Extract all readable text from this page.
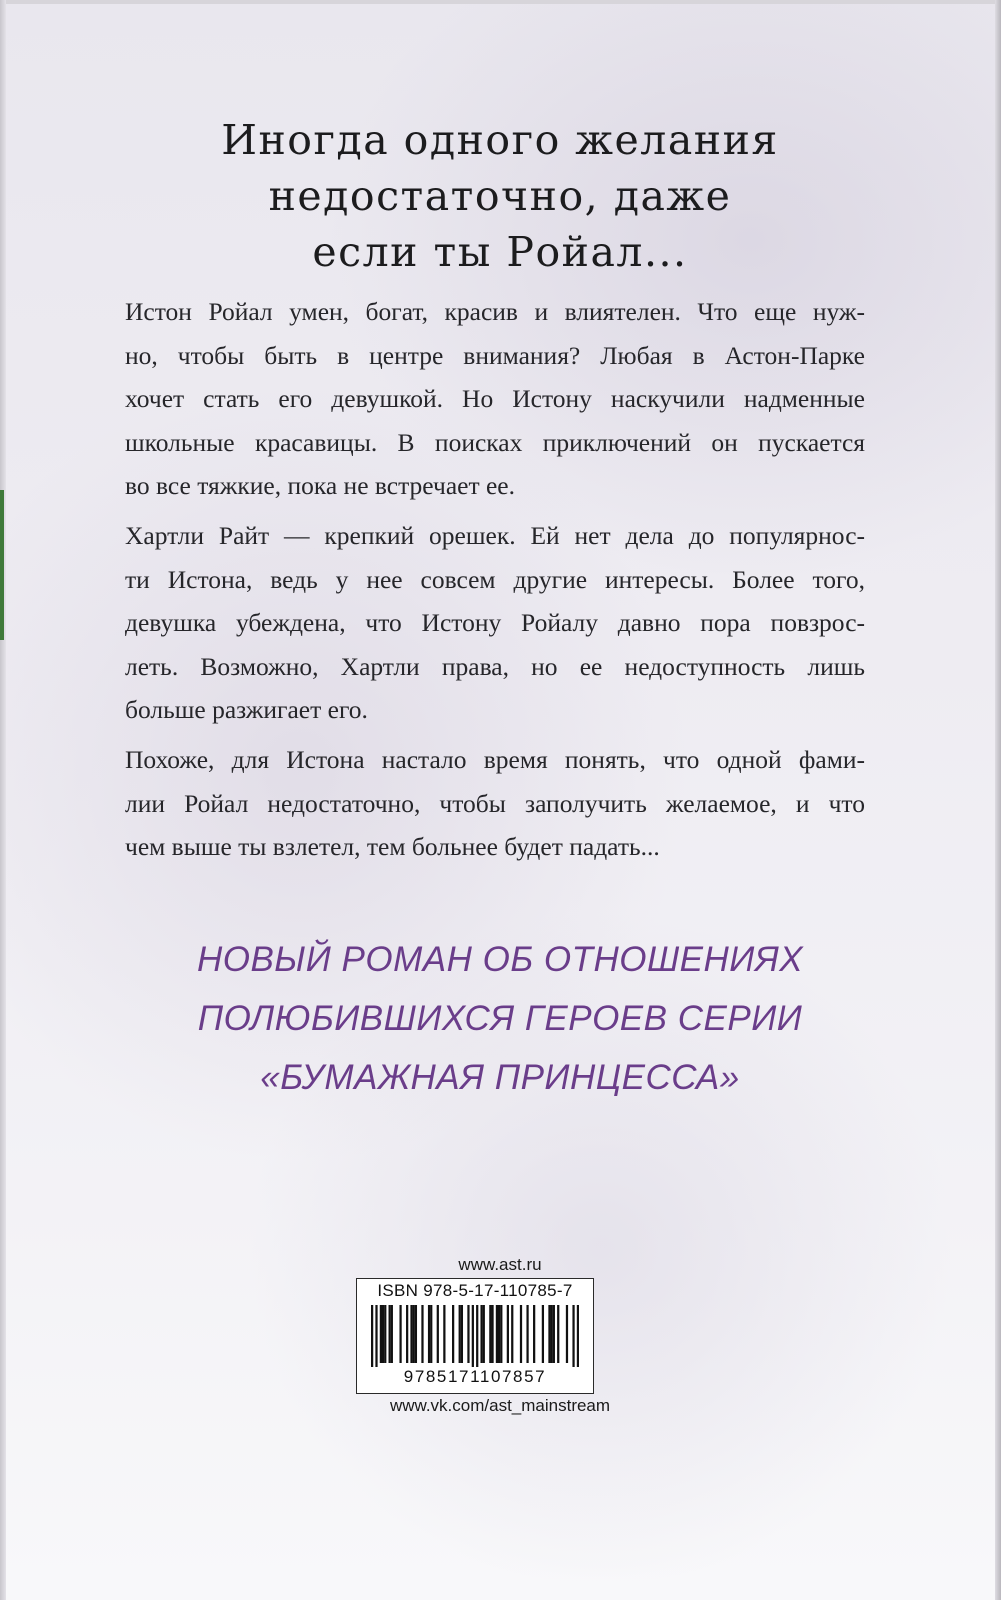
Иногда одного желания
недостаточно, даже
если ты Ройал...
Истон Ройал умен, богат, красив и влиятелен. Что еще нуж-
но, чтобы быть в центре внимания? Любая в Астон-Парке
хочет стать его девушкой. Но Истону наскучили надменные
школьные красавицы. В поисках приключений он пускается
во все тяжкие, пока не встречает ее.
Хартли Райт — крепкий орешек. Ей нет дела до популярнос-
ти Истона, ведь у нее совсем другие интересы. Более того,
девушка убеждена, что Истону Ройалу давно пора повзрос-
леть. Возможно, Хартли права, но ее недоступность лишь
больше разжигает его.
Похоже, для Истона настало время понять, что одной фами-
лии Ройал недостаточно, чтобы заполучить желаемое, и что
чем выше ты взлетел, тем больнее будет падать...
НОВЫЙ РОМАН ОБ ОТНОШЕНИЯХ
ПОЛЮБИВШИХСЯ ГЕРОЕВ СЕРИИ
«БУМАЖНАЯ ПРИНЦЕССА»
www.ast.ru
ISBN 978-5-17-110785-7
9785171107857
www.vk.com/ast_mainstream
